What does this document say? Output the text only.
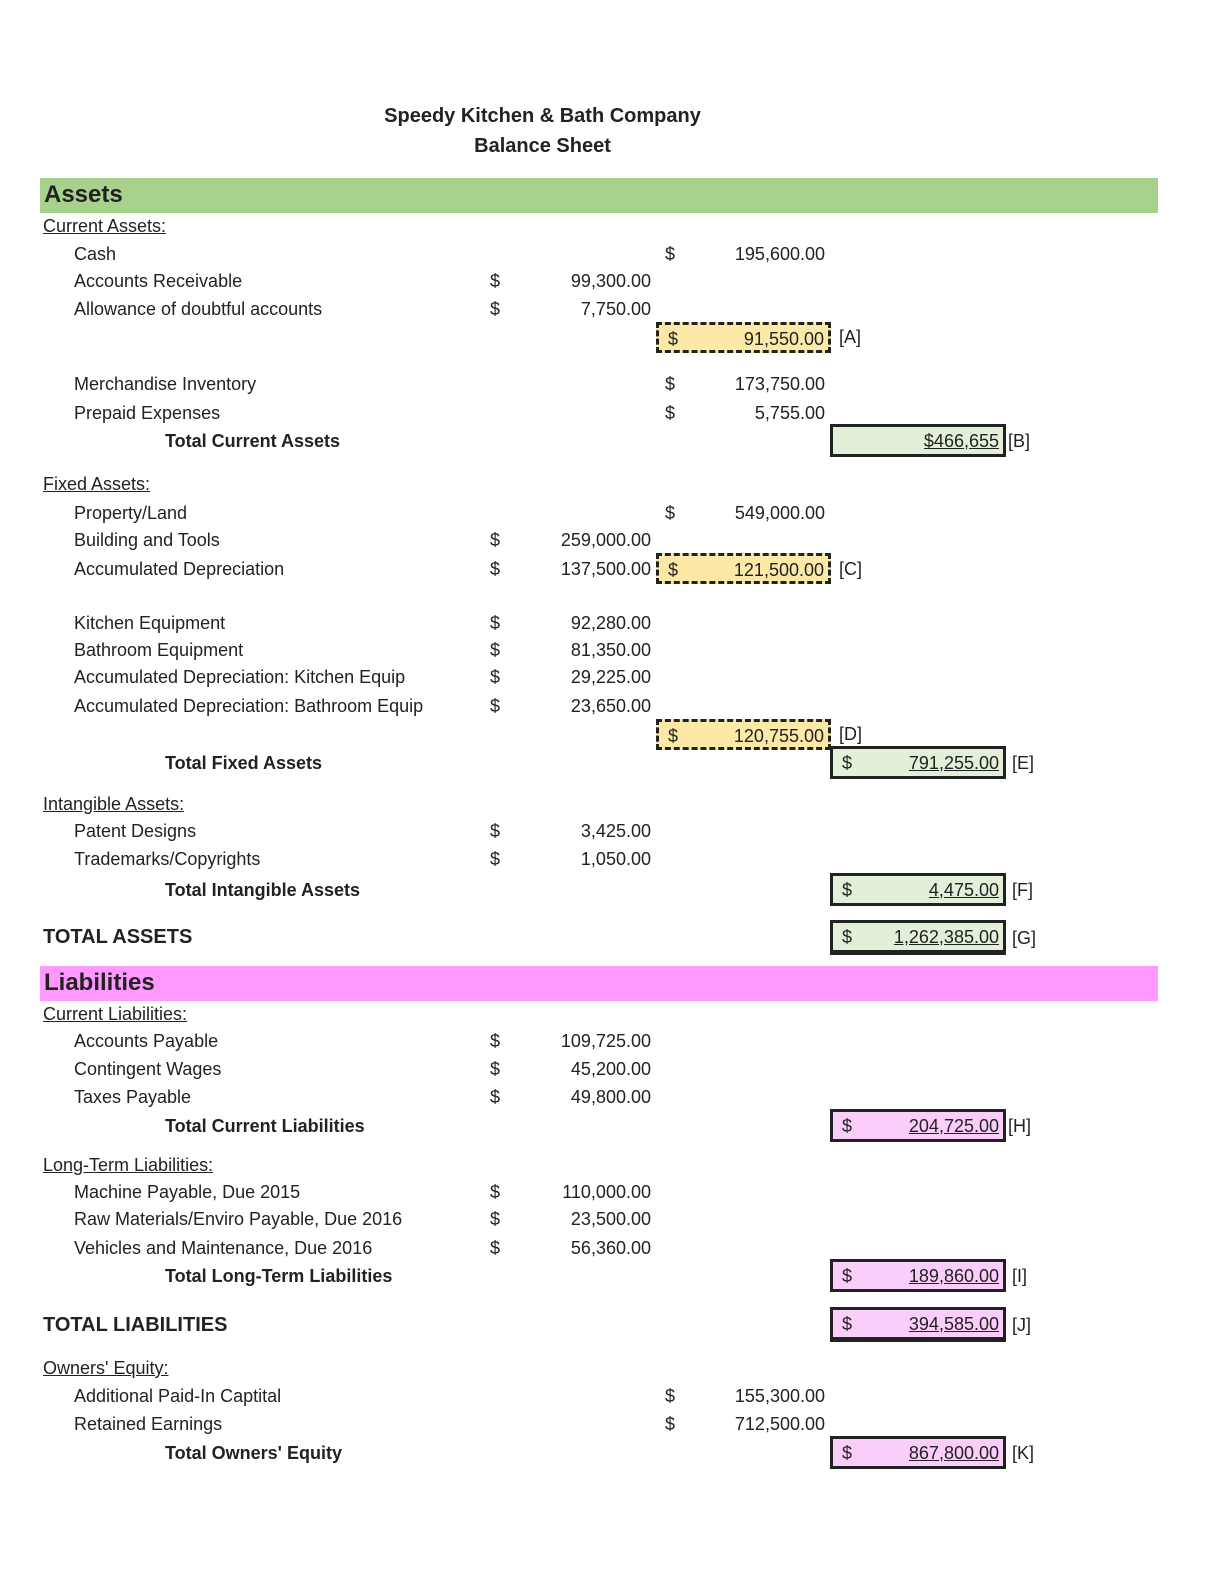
Speedy Kitchen & Bath Company
Balance Sheet
Assets
Current Assets:
Cash	$	195,600.00
Accounts Receivable	$	99,300.00
Allowance of doubtful accounts	$	7,750.00
$	91,550.00 [A]
Merchandise Inventory	$	173,750.00
Prepaid Expenses	$	5,755.00
Total Current Assets	$466,655 [B]
Fixed Assets:
Property/Land	$	549,000.00
Building and Tools	$	259,000.00
Accumulated Depreciation	$	137,500.00 $	121,500.00 [C]
Kitchen Equipment	$	92,280.00
Bathroom Equipment	$	81,350.00
Accumulated Depreciation: Kitchen Equip	$	29,225.00
Accumulated Depreciation: Bathroom Equip	$	23,650.00
$	120,755.00 [D]
Total Fixed Assets	$	791,255.00 [E]
Intangible Assets:
Patent Designs	$	3,425.00
Trademarks/Copyrights	$	1,050.00
Total Intangible Assets	$	4,475.00 [F]
TOTAL ASSETS	$ 1,262,385.00 [G]
Liabilities
Current Liabilities:
Accounts Payable	$	109,725.00
Contingent Wages	$	45,200.00
Taxes Payable	$	49,800.00
Total Current Liabilities	$	204,725.00 [H]
Long-Term Liabilities:
Machine Payable, Due 2015	$	110,000.00
Raw Materials/Enviro Payable, Due 2016	$	23,500.00
Vehicles and Maintenance, Due 2016	$	56,360.00
Total Long-Term Liabilities	$	189,860.00 [I]
TOTAL LIABILITIES	$	394,585.00 [J]
Owners' Equity:
Additional Paid-In Captital	$	155,300.00
Retained Earnings	$	712,500.00
Total Owners' Equity	$	867,800.00 [K]
